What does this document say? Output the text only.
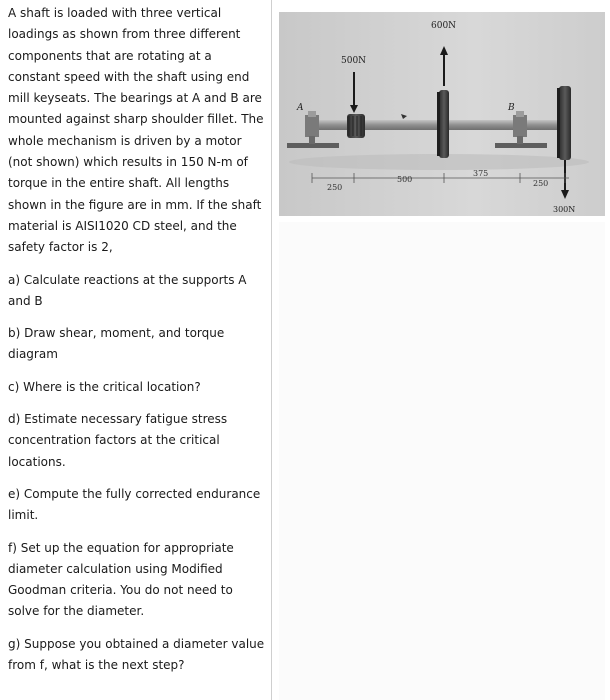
A shaft is loaded with three vertical loadings as shown from three different components that are rotating at a constant speed with the shaft using end mill keyseats. The bearings at A and B are mounted against sharp shoulder fillet. The whole mechanism is driven by a motor (not shown) which results in 150 N-m of torque in the entire shaft. All lengths shown in the figure are in mm. If the shaft material is AISI1020 CD steel, and the safety factor is 2,

a) Calculate reactions at the supports A and B

b) Draw shear, moment, and torque diagram

c) Where is the critical location?

d) Estimate necessary fatigue stress concentration factors at the critical locations.

e) Compute the fully corrected endurance limit.

f) Set up the equation for appropriate diameter calculation using Modified Goodman criteria. You do not need to solve for the diameter.

g) Suppose you obtained a diameter value from f, what is the next step?

A
500N
600N
B
300N
250
500
375
250
